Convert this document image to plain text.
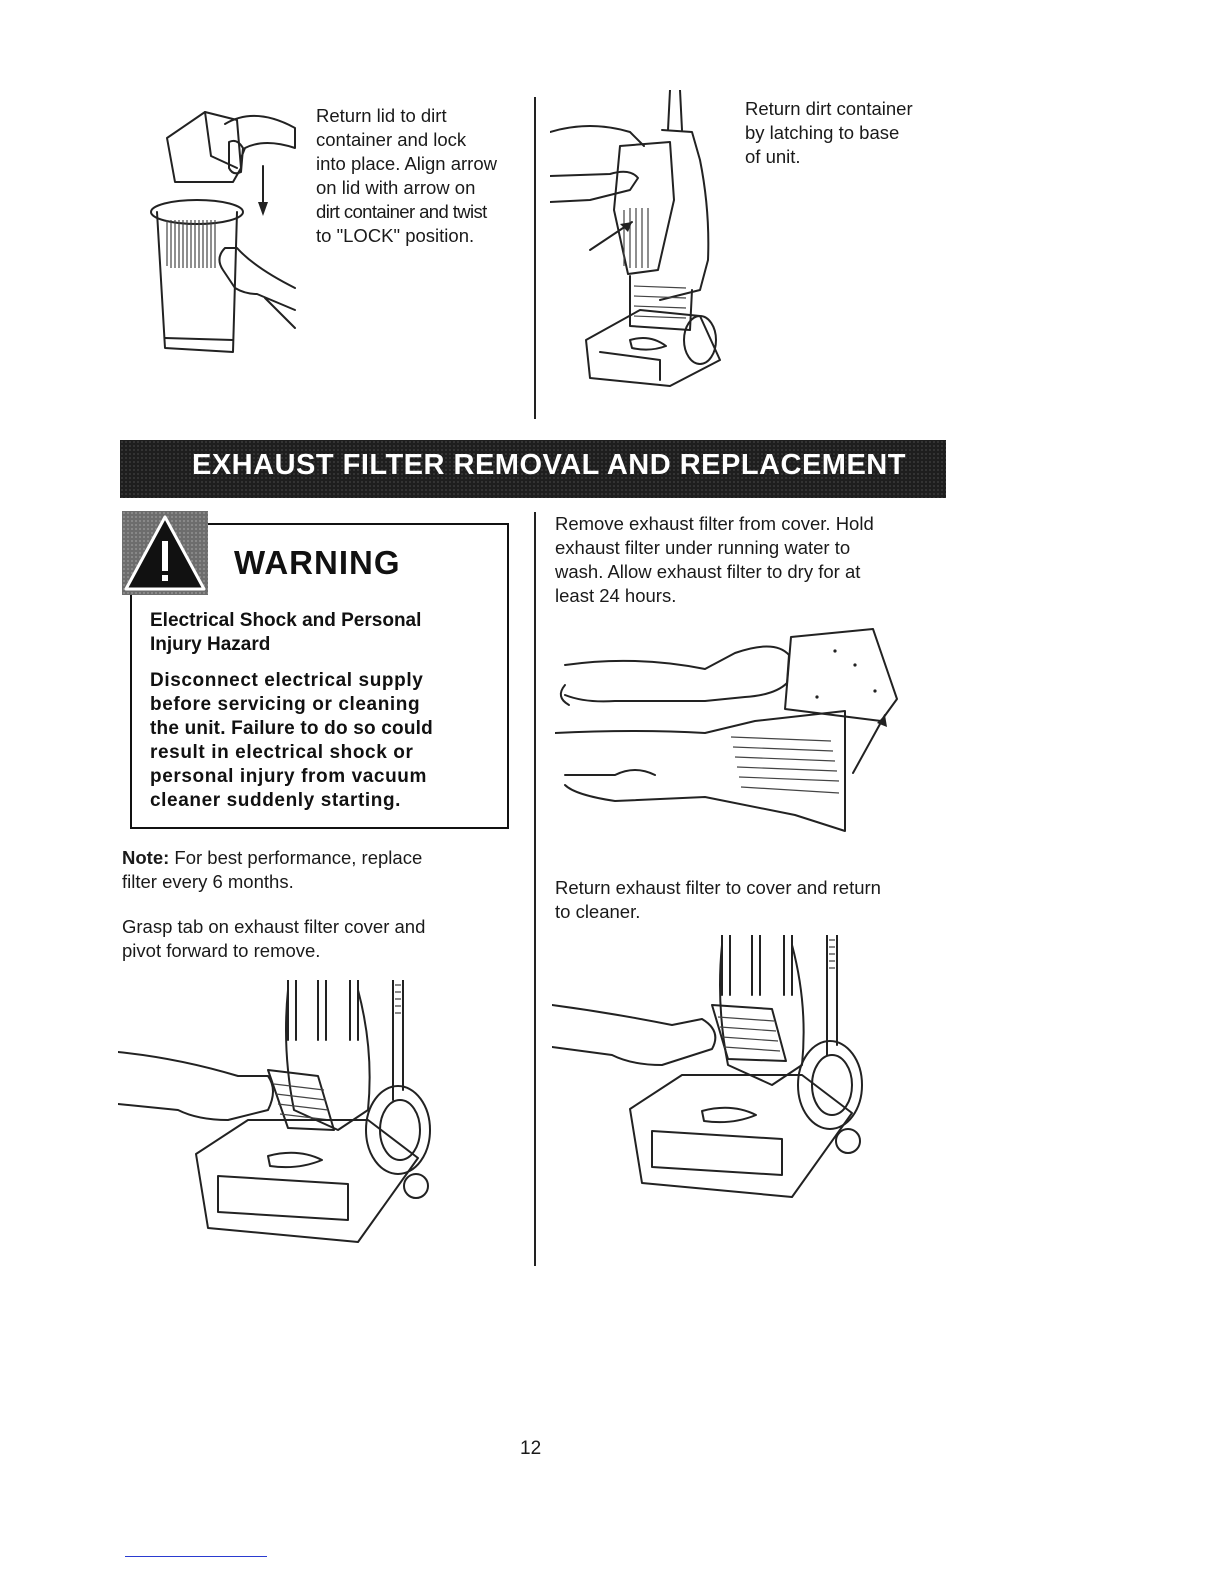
Return lid to dirt
container and lock
into place. Align arrow
on lid with arrow on
dirt container and twist
to "LOCK" position.
Return dirt container
by latching to base
of unit.
EXHAUST FILTER REMOVAL AND REPLACEMENT
WARNING
Electrical Shock and Personal
Injury Hazard
Disconnect electrical supply
before servicing or cleaning
the unit. Failure to do so could
result in electrical shock or
personal injury from vacuum
cleaner suddenly starting.
Note: For best performance, replace
filter every 6 months.
Grasp tab on exhaust filter cover and
pivot forward to remove.
Remove exhaust filter from cover. Hold
exhaust filter under running water to
wash. Allow exhaust filter to dry for at
least 24 hours.
Return exhaust filter to cover and return
to cleaner.
12
